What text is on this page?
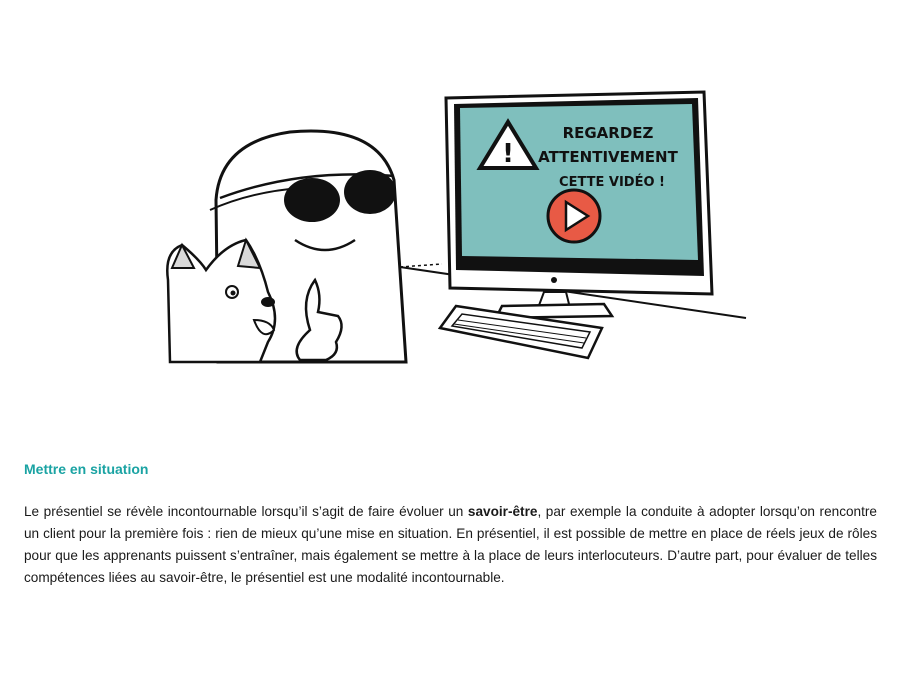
!
REGARDEZ
ATTENTIVEMENT
CETTE VIDÉO !
Mettre en situation
Le présentiel se révèle incontournable lorsqu’il s’agit de faire évoluer un savoir-être, par exemple la conduite à adopter lorsqu’on rencontre un client pour la première fois : rien de mieux qu’une mise en situation. En présentiel, il est possible de mettre en place de réels jeux de rôles pour que les apprenants puissent s’entraîner, mais également se mettre à la place de leurs interlocuteurs. D’autre part, pour évaluer de telles compétences liées au savoir-être, le présentiel est une modalité incontournable.
